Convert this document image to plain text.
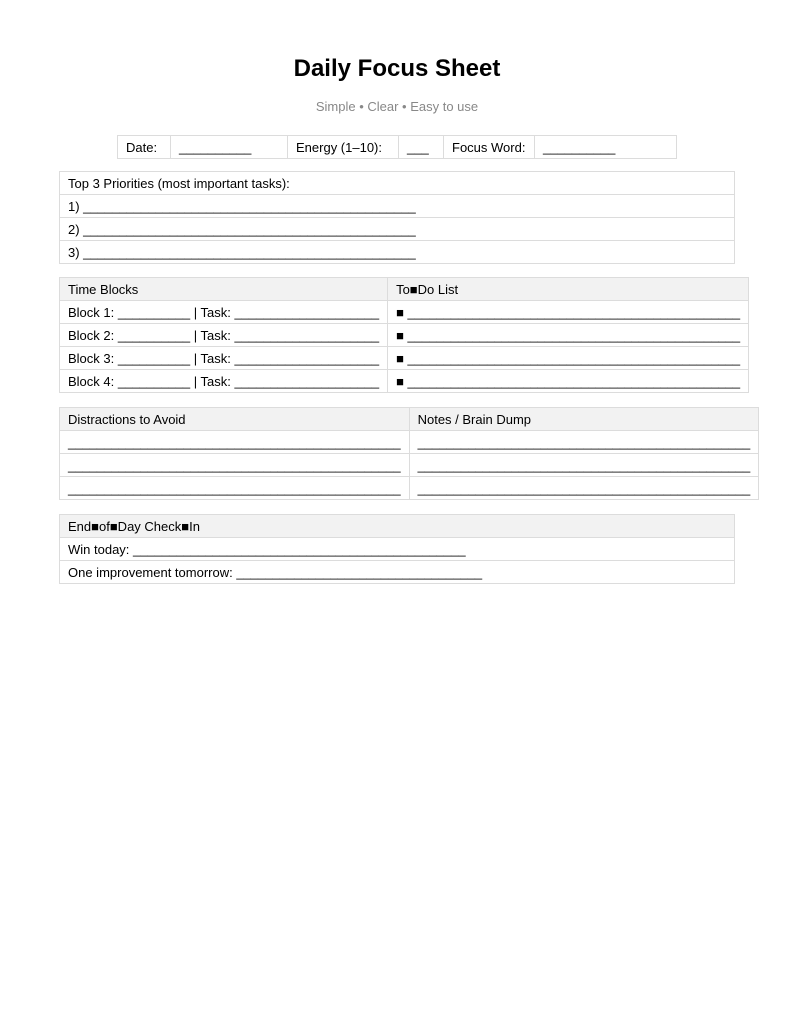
Daily Focus Sheet
Simple • Clear • Easy to use
Date:	__________	Energy (1–10):	___	Focus Word:	__________
Top 3 Priorities (most important tasks):
1) ______________________________________________
2) ______________________________________________
3) ______________________________________________
Time Blocks	To■Do List
Block 1: __________ | Task: ____________________	■ ______________________________________________
Block 2: __________ | Task: ____________________	■ ______________________________________________
Block 3: __________ | Task: ____________________	■ ______________________________________________
Block 4: __________ | Task: ____________________	■ ______________________________________________
Distractions to Avoid	Notes / Brain Dump
______________________________________________	______________________________________________
______________________________________________	______________________________________________
______________________________________________	______________________________________________
End■of■Day Check■In
Win today: ______________________________________________
One improvement tomorrow: __________________________________
